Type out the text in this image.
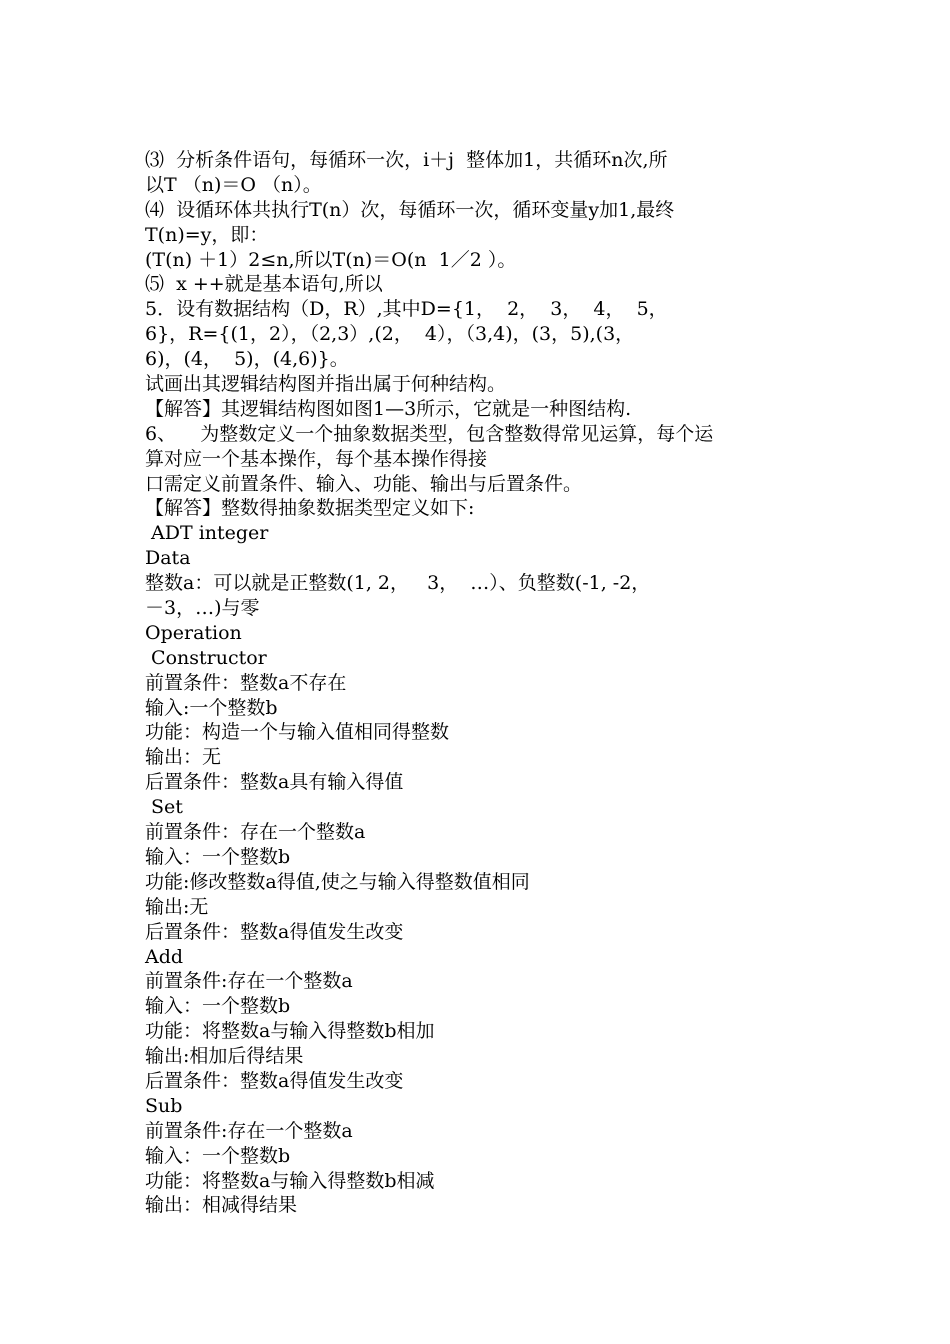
⑶  分析条件语句，每循环一次，i＋j  整体加1，共循环n次,所
以T （n)＝O （n）。
⑷  设循环体共执行T(n）次，每循环一次，循环变量y加1,最终
T(n)=y，即：
(T(n) ＋1）2≤n,所以T(n)＝O(n  1／2 ）。
⑸  x ++就是基本语句,所以
5．设有数据结构（D，R）,其中D={1，  2，  3，  4，  5，
6}，R={(1，2），（2,3）,(2，  4），（3,4)，(3，5),(3，
6)，(4，  5)，(4,6)}。
试画出其逻辑结构图并指出属于何种结构。
【解答】其逻辑结构图如图1—3所示，它就是一种图结构.
6、    为整数定义一个抽象数据类型，包含整数得常见运算，每个运
算对应一个基本操作，每个基本操作得接
口需定义前置条件、输入、功能、输出与后置条件。
【解答】整数得抽象数据类型定义如下:
ADT integer
Data
整数a：可以就是正整数(1, 2，   3，  …）、负整数(-1, -2，
－3，…)与零
Operation
Constructor
前置条件：整数a不存在
输入:一个整数b
功能：构造一个与输入值相同得整数
输出：无
后置条件：整数a具有输入得值
Set
前置条件：存在一个整数a
输入：一个整数b
功能:修改整数a得值,使之与输入得整数值相同
输出:无
后置条件：整数a得值发生改变
Add
前置条件:存在一个整数a
输入：一个整数b
功能：将整数a与输入得整数b相加
输出:相加后得结果
后置条件：整数a得值发生改变
Sub
前置条件:存在一个整数a
输入：一个整数b
功能：将整数a与输入得整数b相减
输出：相减得结果
